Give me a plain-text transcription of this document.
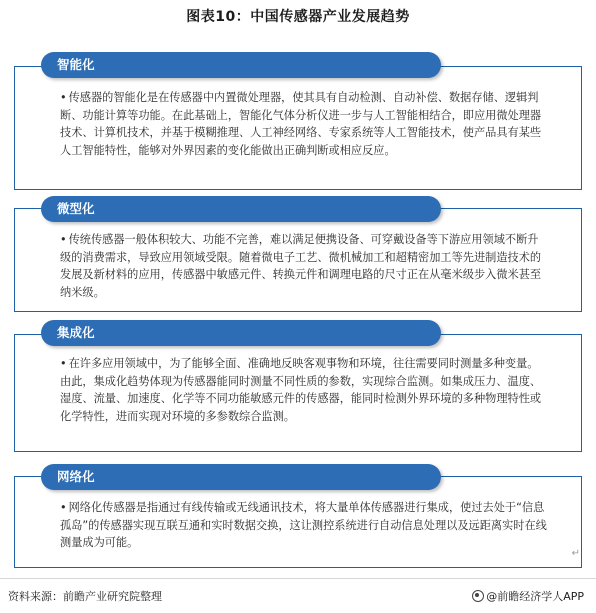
图表10：中国传感器产业发展趋势
智能化
• 传感器的智能化是在传感器中内置微处理器，使其具有自动检测、自动补偿、数据存储、逻辑判断、功能计算等功能。在此基础上，智能化气体分析仪进一步与人工智能相结合，即应用微处理器技术、计算机技术，并基于模糊推理、人工神经网络、专家系统等人工智能技术，使产品具有某些人工智能特性，能够对外界因素的变化能做出正确判断或相应反应。
微型化
• 传统传感器一般体积较大、功能不完善，难以满足便携设备、可穿戴设备等下游应用领域不断升级的消费需求，导致应用领域受限。随着微电子工艺、微机械加工和超精密加工等先进制造技术的发展及新材料的应用，传感器中敏感元件、转换元件和调理电路的尺寸正在从毫米级步入微米甚至纳米级。
集成化
• 在许多应用领域中，为了能够全面、准确地反映客观事物和环境，往往需要同时测量多种变量。由此，集成化趋势体现为传感器能同时测量不同性质的参数，实现综合监测。如集成压力、温度、湿度、流量、加速度、化学等不同功能敏感元件的传感器，能同时检测外界环境的多种物理特性或化学特性，进而实现对环境的多参数综合监测。
网络化
• 网络化传感器是指通过有线传输或无线通讯技术，将大量单体传感器进行集成，使过去处于“信息孤岛”的传感器实现互联互通和实时数据交换，这让测控系统进行自动信息处理以及远距离实时在线测量成为可能。
↵
资料来源：前瞻产业研究院整理	@前瞻经济学人APP
